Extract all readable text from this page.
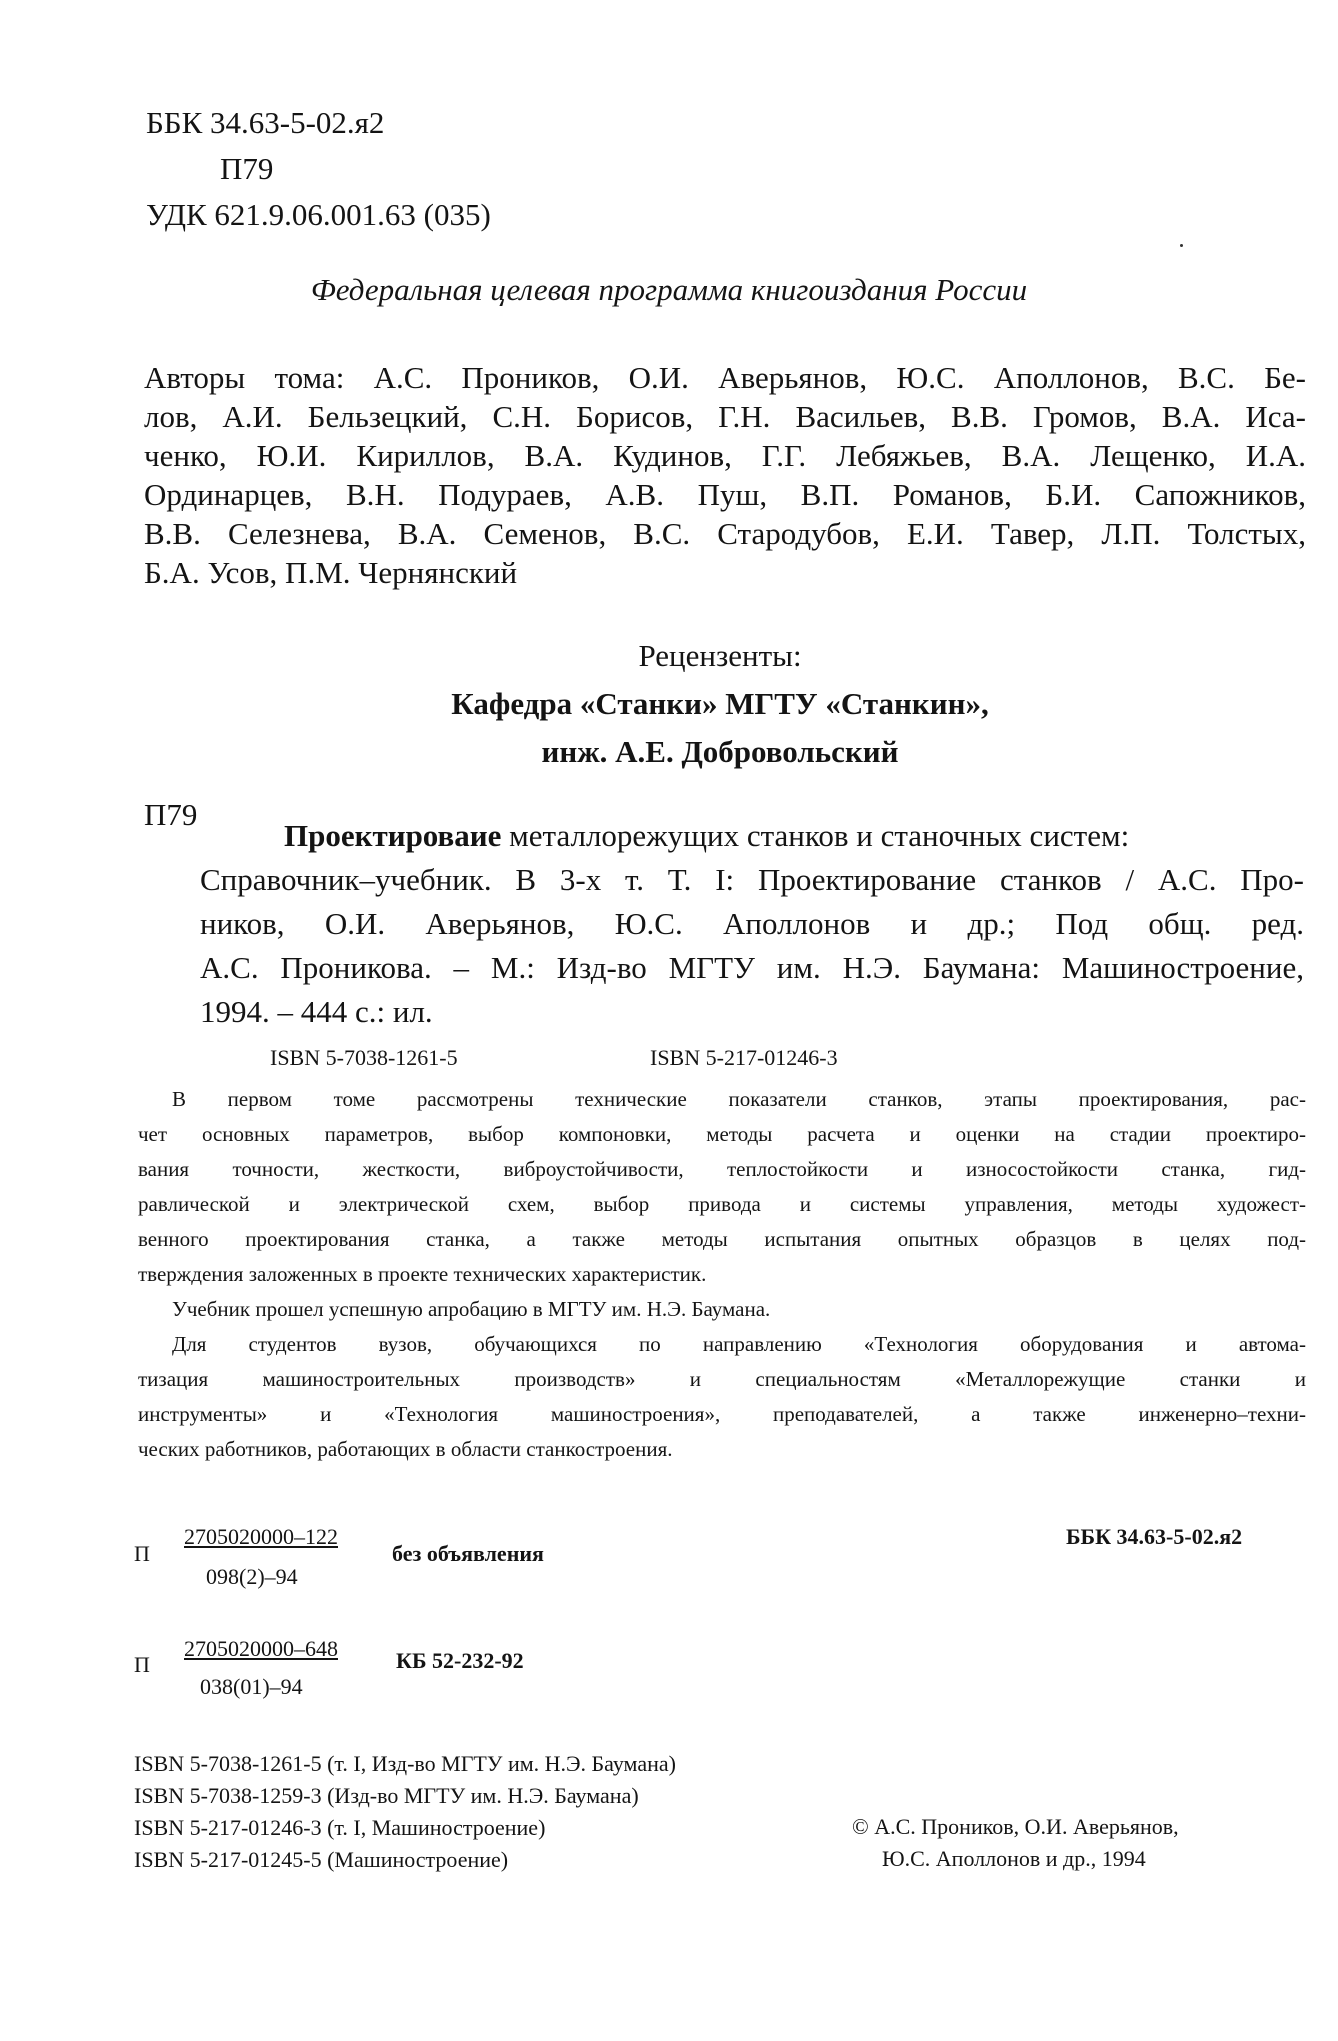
ББК 34.63-5-02.я2
П79
УДК 621.9.06.001.63 (035)
Федеральная целевая программа книгоиздания России
Авторы тома: А.С. Проников, О.И. Аверьянов, Ю.С. Аполлонов, В.С. Бе-
лов, А.И. Бельзецкий, С.Н. Борисов, Г.Н. Васильев, В.В. Громов, В.А. Иса-
ченко, Ю.И. Кириллов, В.А. Кудинов, Г.Г. Лебяжьев, В.А. Лещенко, И.А.
Ординарцев, В.Н. Подураев, А.В. Пуш, В.П. Романов, Б.И. Сапожников,
В.В. Селезнева, В.А. Семенов, В.С. Стародубов, Е.И. Тавер, Л.П. Толстых,
Б.А. Усов, П.М. Чернянский
Рецензенты:
Кафедра «Станки» МГТУ «Станкин»,
инж. А.Е. Добровольский
П79
Проектироваие металлорежущих станков и станочных систем:
Справочник–учебник. В 3-х т. Т. I: Проектирование станков / А.С. Про-
ников, О.И. Аверьянов, Ю.С. Аполлонов и др.; Под общ. ред.
А.С. Проникова. – М.: Изд-во МГТУ им. Н.Э. Баумана: Машиностроение,
1994. – 444 с.: ил.
ISBN 5-7038-1261-5	ISBN 5-217-01246-3
В первом томе рассмотрены технические показатели станков, этапы проектирования, рас-
чет основных параметров, выбор компоновки, методы расчета и оценки на стадии проектиро-
вания точности, жесткости, виброустойчивости, теплостойкости и износостойкости станка, гид-
равлической и электрической схем, выбор привода и системы управления, методы художест-
венного проектирования станка, а также методы испытания опытных образцов в целях под-
тверждения заложенных в проекте технических характеристик.
Учебник прошел успешную апробацию в МГТУ им. Н.Э. Баумана.
Для студентов вузов, обучающихся по направлению «Технология оборудования и автома-
тизация машиностроительных производств» и специальностям «Металлорежущие станки и
инструменты» и «Технология машиностроения», преподавателей, а также инженерно–техни-
ческих работников, работающих в области станкостроения.
П
2705020000–122
098(2)–94
без объявления
ББК 34.63-5-02.я2
П
2705020000–648
038(01)–94
КБ 52-232-92
ISBN 5-7038-1261-5 (т. I, Изд-во МГТУ им. Н.Э. Баумана)
ISBN 5-7038-1259-3 (Изд-во МГТУ им. Н.Э. Баумана)
ISBN 5-217-01246-3 (т. I, Машиностроение)
ISBN 5-217-01245-5 (Машиностроение)
© А.С. Проников, О.И. Аверьянов,
Ю.С. Аполлонов и др., 1994
